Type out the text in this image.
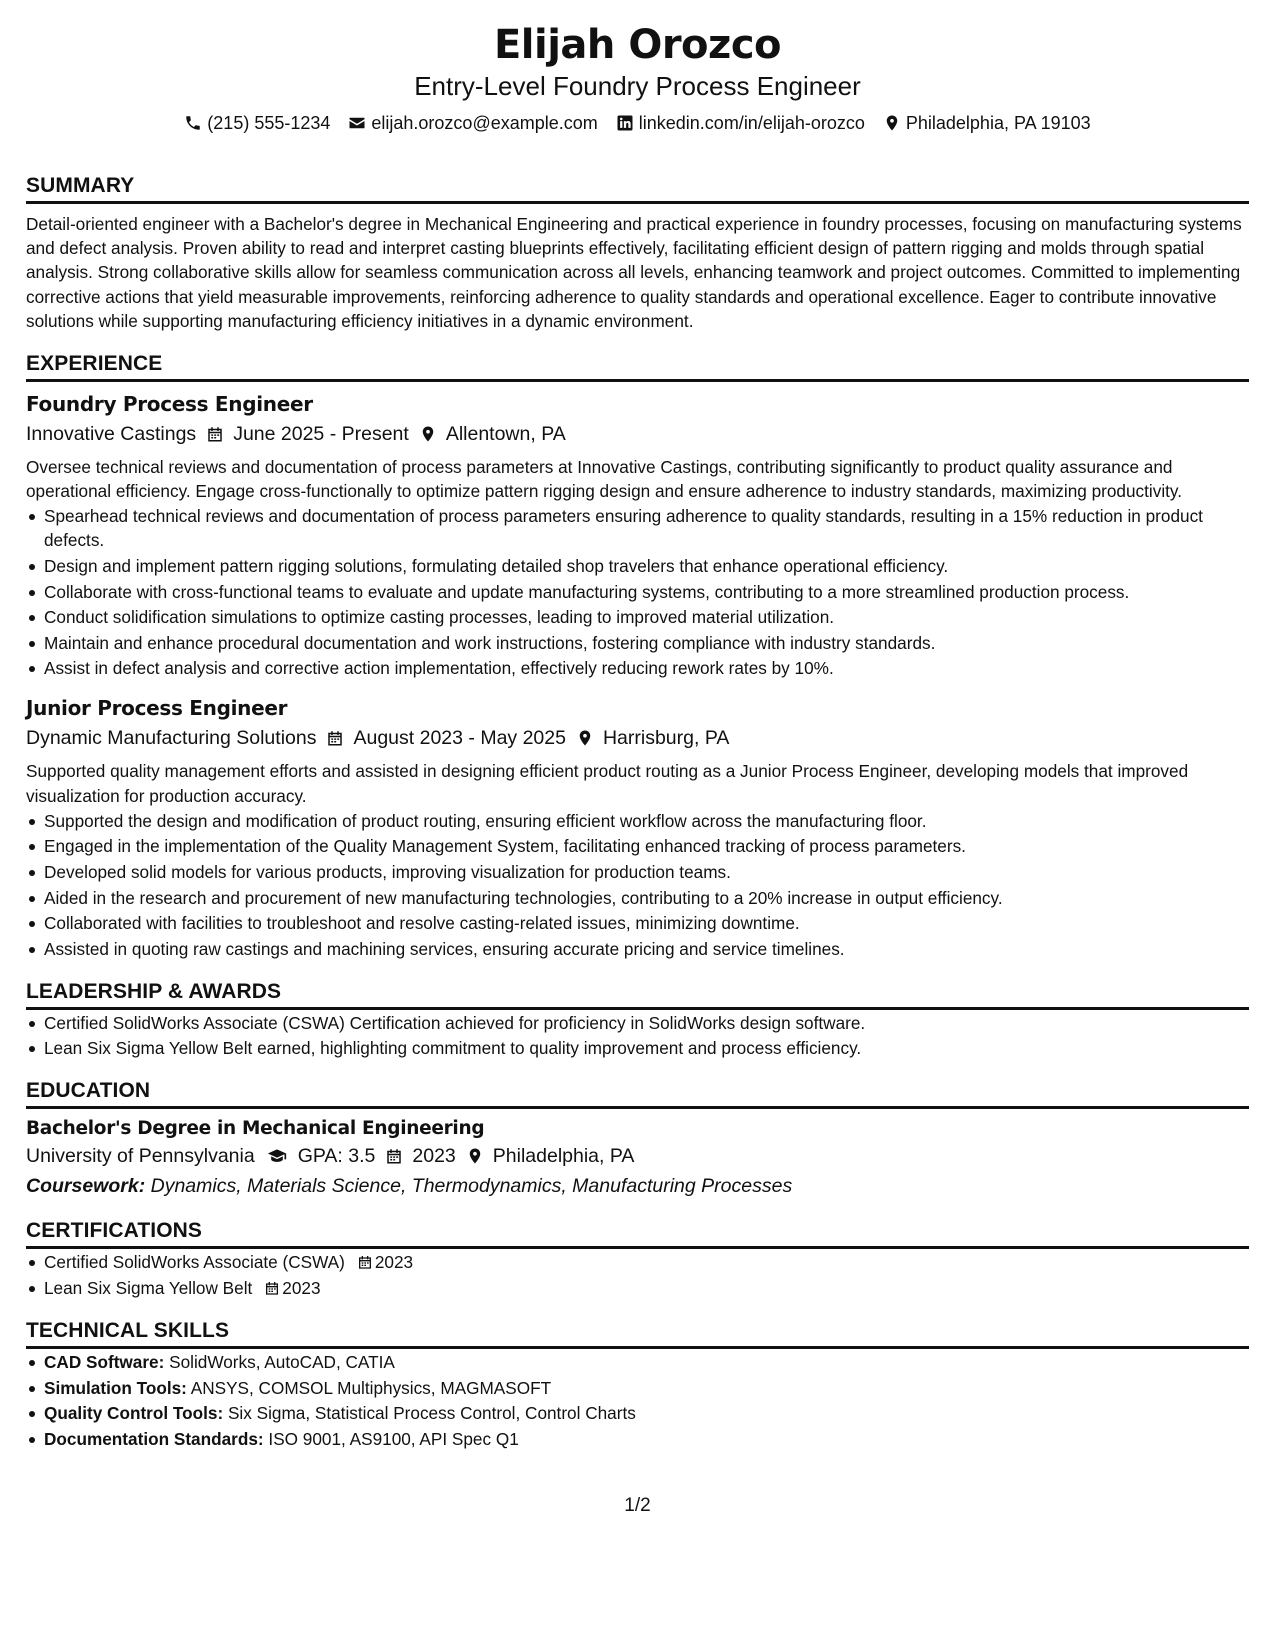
Elijah Orozco
Entry-Level Foundry Process Engineer
(215) 555-1234 elijah.orozco@example.com linkedin.com/in/elijah-orozco Philadelphia, PA 19103
SUMMARY
Detail-oriented engineer with a Bachelor's degree in Mechanical Engineering and practical experience in foundry processes, focusing on manufacturing systems and defect analysis. Proven ability to read and interpret casting blueprints effectively, facilitating efficient design of pattern rigging and molds through spatial analysis. Strong collaborative skills allow for seamless communication across all levels, enhancing teamwork and project outcomes. Committed to implementing corrective actions that yield measurable improvements, reinforcing adherence to quality standards and operational excellence. Eager to contribute innovative solutions while supporting manufacturing efficiency initiatives in a dynamic environment.
EXPERIENCE
Foundry Process Engineer
Innovative Castings June 2025 - Present Allentown, PA
Oversee technical reviews and documentation of process parameters at Innovative Castings, contributing significantly to product quality assurance and operational efficiency. Engage cross-functionally to optimize pattern rigging design and ensure adherence to industry standards, maximizing productivity.
Spearhead technical reviews and documentation of process parameters ensuring adherence to quality standards, resulting in a 15% reduction in product defects.
Design and implement pattern rigging solutions, formulating detailed shop travelers that enhance operational efficiency.
Collaborate with cross-functional teams to evaluate and update manufacturing systems, contributing to a more streamlined production process.
Conduct solidification simulations to optimize casting processes, leading to improved material utilization.
Maintain and enhance procedural documentation and work instructions, fostering compliance with industry standards.
Assist in defect analysis and corrective action implementation, effectively reducing rework rates by 10%.
Junior Process Engineer
Dynamic Manufacturing Solutions August 2023 - May 2025 Harrisburg, PA
Supported quality management efforts and assisted in designing efficient product routing as a Junior Process Engineer, developing models that improved visualization for production accuracy.
Supported the design and modification of product routing, ensuring efficient workflow across the manufacturing floor.
Engaged in the implementation of the Quality Management System, facilitating enhanced tracking of process parameters.
Developed solid models for various products, improving visualization for production teams.
Aided in the research and procurement of new manufacturing technologies, contributing to a 20% increase in output efficiency.
Collaborated with facilities to troubleshoot and resolve casting-related issues, minimizing downtime.
Assisted in quoting raw castings and machining services, ensuring accurate pricing and service timelines.
LEADERSHIP & AWARDS
Certified SolidWorks Associate (CSWA) Certification achieved for proficiency in SolidWorks design software.
Lean Six Sigma Yellow Belt earned, highlighting commitment to quality improvement and process efficiency.
EDUCATION
Bachelor's Degree in Mechanical Engineering
University of Pennsylvania GPA: 3.5 2023 Philadelphia, PA
Coursework: Dynamics, Materials Science, Thermodynamics, Manufacturing Processes
CERTIFICATIONS
Certified SolidWorks Associate (CSWA) 2023
Lean Six Sigma Yellow Belt 2023
TECHNICAL SKILLS
CAD Software: SolidWorks, AutoCAD, CATIA
Simulation Tools: ANSYS, COMSOL Multiphysics, MAGMASOFT
Quality Control Tools: Six Sigma, Statistical Process Control, Control Charts
Documentation Standards: ISO 9001, AS9100, API Spec Q1
1/2
